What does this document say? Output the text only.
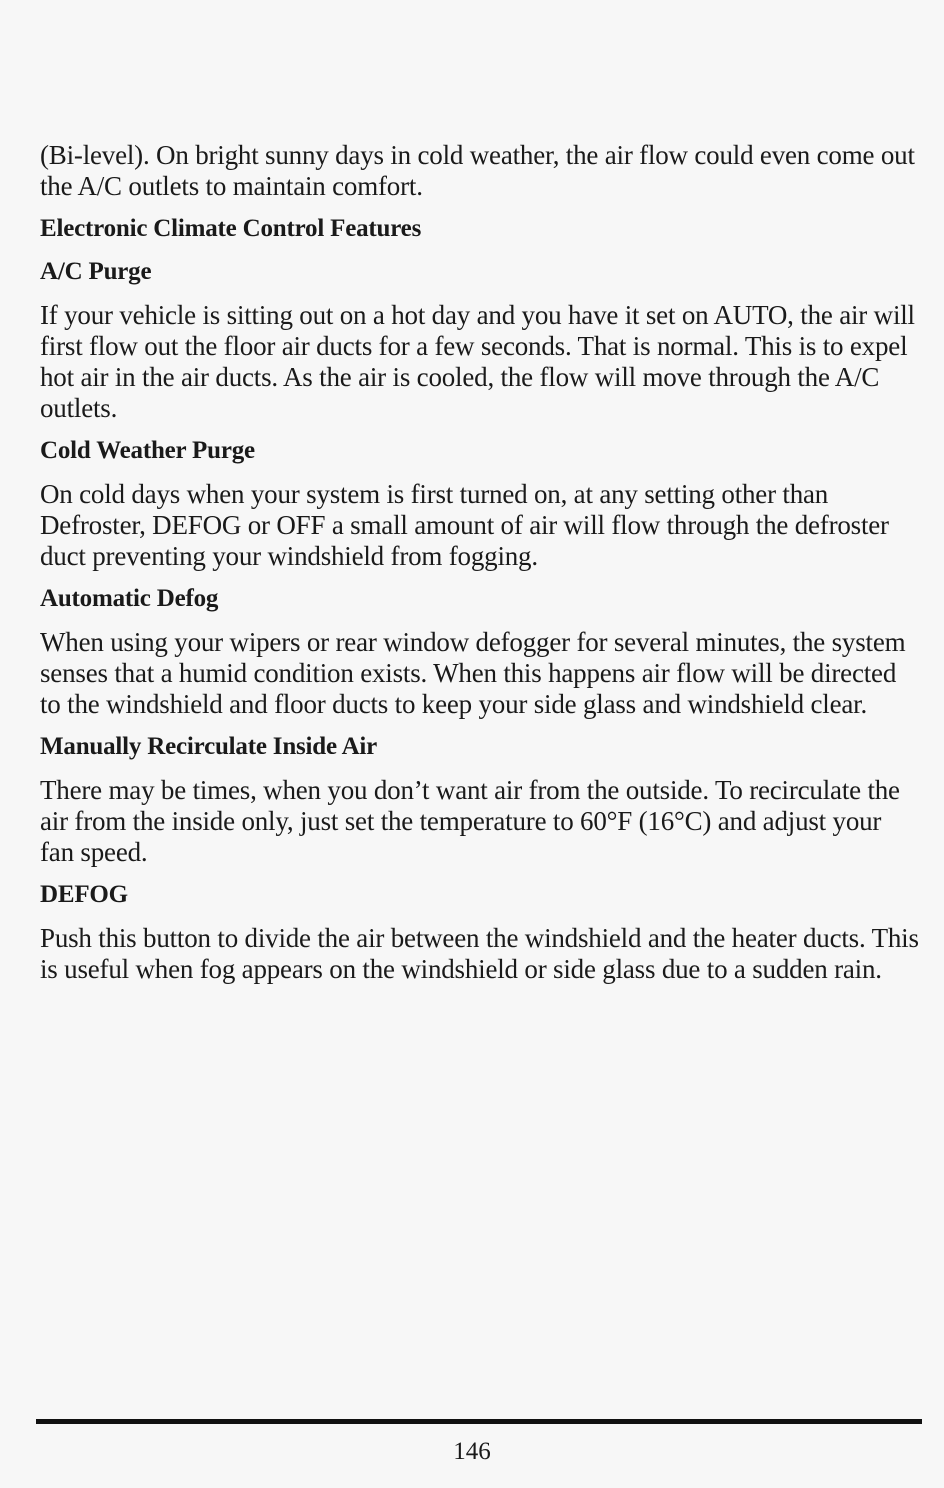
(Bi-level). On bright sunny days in cold weather, the air flow could even come out the A/C outlets to maintain comfort.

Electronic Climate Control Features
A/C Purge

If your vehicle is sitting out on a hot day and you have it set on AUTO, the air will first flow out the floor air ducts for a few seconds. That is normal. This is to expel hot air in the air ducts. As the air is cooled, the flow will move through the A/C outlets.

Cold Weather Purge

On cold days when your system is first turned on, at any setting other than Defroster, DEFOG or OFF a small amount of air will flow through the defroster duct preventing your windshield from fogging.

Automatic Defog

When using your wipers or rear window defogger for several minutes, the system senses that a humid condition exists. When this happens air flow will be directed to the windshield and floor ducts to keep your side glass and windshield clear.

Manually Recirculate Inside Air

There may be times, when you don’t want air from the outside. To recirculate the air from the inside only, just set the temperature to 60°F (16°C) and adjust your fan speed.

DEFOG

Push this button to divide the air between the windshield and the heater ducts. This is useful when fog appears on the windshield or side glass due to a sudden rain.

146
